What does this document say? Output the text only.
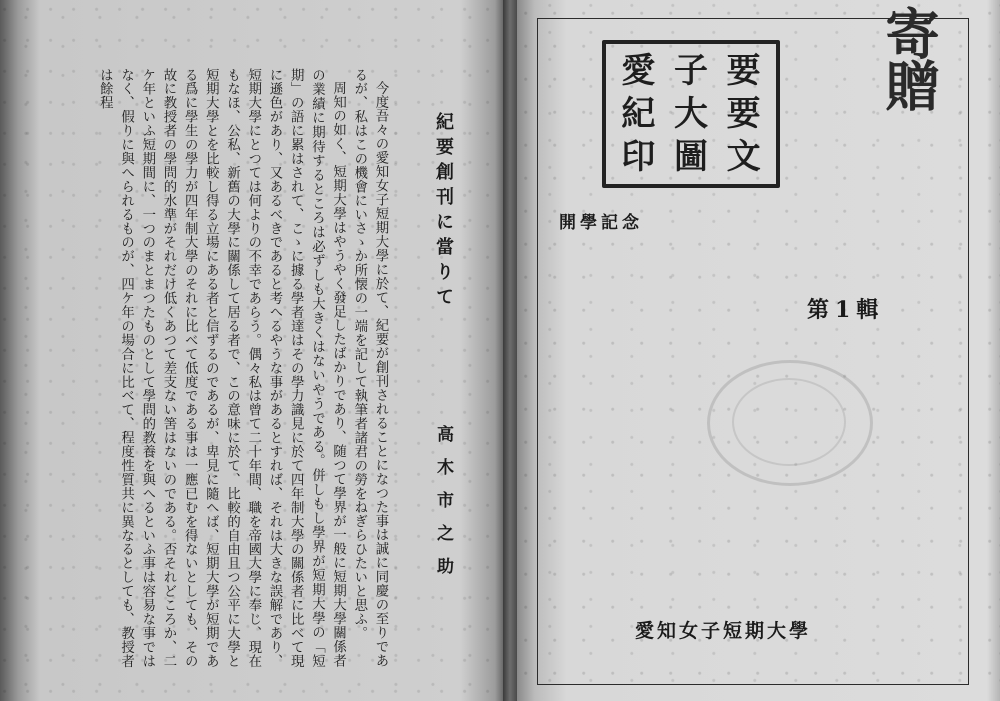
紀要創刊に當りて
高木市之助

今度吾々の愛知女子短期大學に於て、紀要が創刊されることになつた事は誠に同慶の至りであるが、私はこの機會にいさゝか所懐の一端を記して執筆者諸君の勞をねぎらひたいと思ふ。

周知の如く、短期大學はやうやく發足したばかりであり、随つて學界が一般に短期大學關係者の業績に期待するところは必ずしも大きくはないやうである。併しもし學界が短期大學の「短期」の語に累はされて、こゝに據る學者達はその學力識見に於て四年制大學の關係者に比べて現に遜色があり、又あるべきであると考へるやうな事があるとすれば、それは大きな誤解であり、短期大學にとつては何よりの不幸であらう。偶々私は曾て二十年間、職を帝國大學に奉じ、現在もなほ、公私、新舊の大學に關係して居る者で、この意味に於て、比較的自由且つ公平に大學と短期大學とを比較し得る立場にある者と信ずるのであるが、卑見に隨へば、短期大學が短期である爲に學生の學力が四年制大學のそれに比べて低度である事は一應已むを得ないとしても、その故に教授者の學問的水準がそれだけ低くあつて差支ない筈はないのである。否それどころか、二ケ年といふ短期間に、一つのまとまつたものとして學問的教養を與へるといふ事は容易な事ではなく、假りに與へられるものが、四ケ年の場合に比べて、程度性質共に異なるとしても、教授者は餘程	寄贈
愛 子 要
紀 大 要
印 圖 文
開學記念
第1輯
愛知女子短期大學
